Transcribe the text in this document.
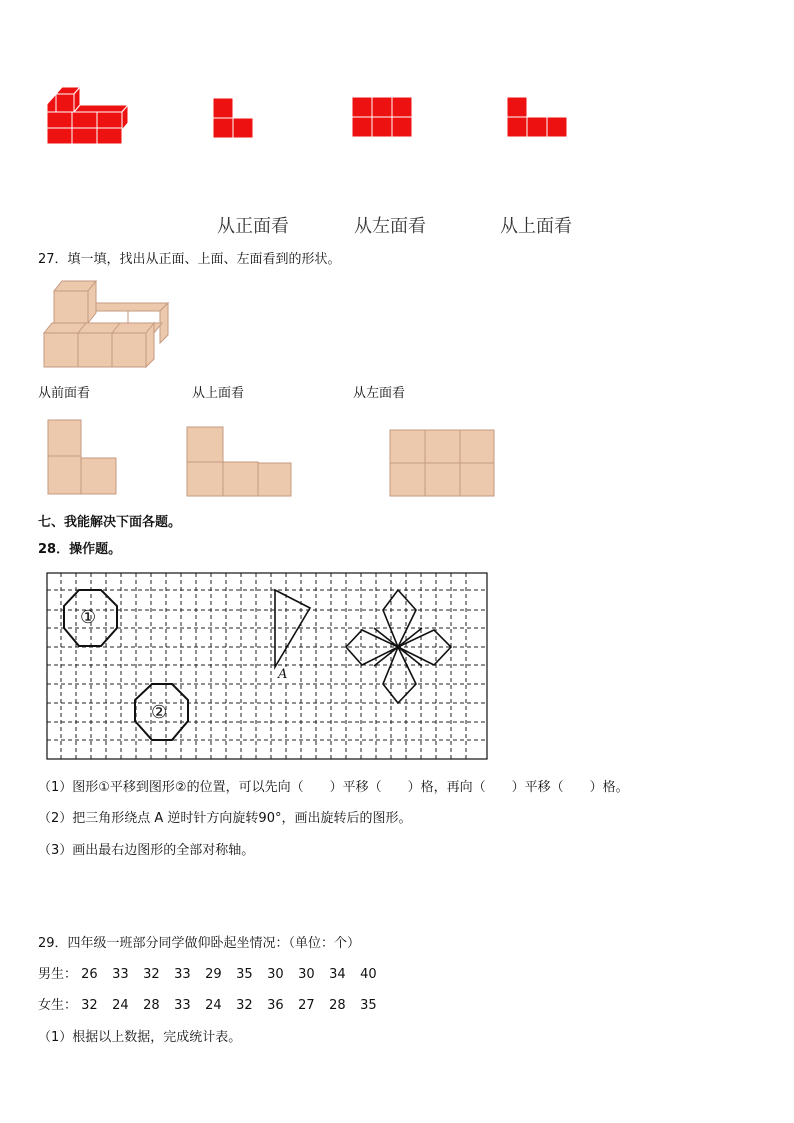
从正面看	从左面看	从上面看
27．填一填，找出从正面、上面、左面看到的形状。
从前面看	从上面看	从左面看
七、我能解决下面各题。
28．操作题。
①
②
A
（1）图形①平移到图形②的位置，可以先向（　　）平移（　　）格，再向（　　）平移（　　）格。
（2）把三角形绕点 A 逆时针方向旋转90°，画出旋转后的图形。
（3）画出最右边图形的全部对称轴。
29．四年级一班部分同学做仰卧起坐情况：（单位：个）
男生： 26 33 32 33 29 35 30 30 34 40
女生： 32 24 28 33 24 32 36 27 28 35
（1）根据以上数据，完成统计表。
